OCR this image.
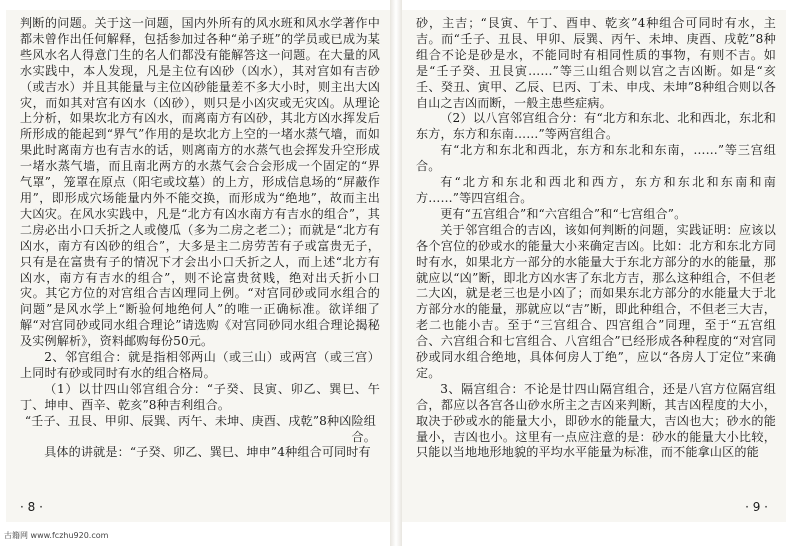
判断的问题。关于这一问题，国内外所有的风水班和风水学著作中都未曾作出任何解释，包括参加过各种“弟子班”的学员或已成为某些风水名人得意门生的名人们都没有能解答这一问题。在大量的风水实践中，本人发现，凡是主位有凶砂（凶水），其对宫如有吉砂（或吉水）并且其能量与主位凶砂能量差不多大小时，则主出大凶灾，而如其对宫有凶水（凶砂），则只是小凶灾或无灾凶。从理论上分析，如果坎北方有凶水，而离南方有凶砂，其北方凶水挥发后所形成的能起到“界气”作用的是坎北方上空的一堵水蒸气墙，而如果此时离南方也有吉水的话，则离南方的水蒸气也会挥发升空形成一堵水蒸气墙，而且南北两方的水蒸气会合会形成一个固定的“界气罩”，笼罩在原点（阳宅或坟墓）的上方，形成信息场的“屏蔽作用”，即形成穴场能量内外不能交换，而形成为“绝地”，故而主出大凶灾。在风水实践中，凡是“北方有凶水南方有吉水的组合”，其二房必出小口夭折之人或傻瓜（多为二房之老二）；而就是“北方有凶水，南方有凶砂的组合”，大多是主二房劳苦有子或富贵无子，只有是在富贵有子的情况下才会出小口夭折之人，而上述“北方有凶水，南方有吉水的组合”，则不论富贵贫贱，绝对出夭折小口灾。其它方位的对宫组合吉凶理同上例。“对宫同砂或同水组合的问题”是风水学上“断验何地绝何人”的唯一正确标准。欲详细了解“对宫同砂或同水组合理论”请选购《对宫同砂同水组合理论揭秘及实例解析》，资料邮购每份50元。

2、邻宫组合：就是指相邻两山（或三山）或两宫（或三宫）上同时有砂或同时有水的组合格局。

（1）以廿四山邻宫组合分：“子癸、艮寅、卯乙、巽巳、午丁、坤申、酉辛、乾亥”8种吉利组合。

“壬子、丑艮、甲卯、辰巽、丙午、未坤、庚酉、戌乾”8种凶险组合。

具体的讲就是：“子癸、卯乙、巽巳、坤申”4种组合可同时有

· 8 ·

砂，主吉；“艮寅、午丁、酉申、乾亥”4种组合可同时有水，主吉。而“壬子、丑艮、甲卯、辰巽、丙午、未坤、庚酉、戌乾”8种组合不论是砂是水，不能同时有相同性质的事物，有则不吉。如是“壬子癸、丑艮寅……”等三山组合则以宫之吉凶断。如是“亥壬、癸丑、寅甲、乙辰、巳丙、丁未、申戌、未坤”8种组合则以各自山之吉凶而断，一般主患些症病。

（2）以八宫邻宫组合分：有“北方和东北、北和西北，东北和东方，东方和东南……”等两宫组合。

有“北方和东北和西北，东方和东北和东南，……”等三宫组合。

有“北方和东北和西北和西方，东方和东北和东南和南方……”等四宫组合。

更有“五宫组合”和“六宫组合”和“七宫组合”。

关于邻宫组合的吉凶，该如何判断的问题，实践证明：应该以各个宫位的砂或水的能量大小来确定吉凶。比如：北方和东北方同时有水，如果北方一部分的水能量大于东北方部分的水的能量，那就应以“凶”断，即北方凶水害了东北方吉，那么这种组合，不但老二大凶，就是老三也是小凶了；而如果东北方部分的水能量大于北方部分水的能量，那就应以“吉”断，即此种组合，不但老三大吉，老二也能小吉。至于“三宫组合、四宫组合”同理，至于“五宫组合、六宫组合和七宫组合、八宫组合”已经形成各种程度的“对宫同砂或同水组合绝地，具体何房人丁绝”，应以“各房人丁定位”来确定。

3、隔宫组合：不论是廿四山隔宫组合，还是八宫方位隔宫组合，都应以各宫各山砂水所主之吉凶来判断，其吉凶程度的大小，取决于砂或水的能量大小，即砂水的能量大，吉凶也大；砂水的能量小，吉凶也小。这里有一点应注意的是：砂水的能量大小比较，只能以当地地形地貌的平均水平能量为标准，而不能拿山区的能

· 9 ·
古籍网 www.fczhu920.com
